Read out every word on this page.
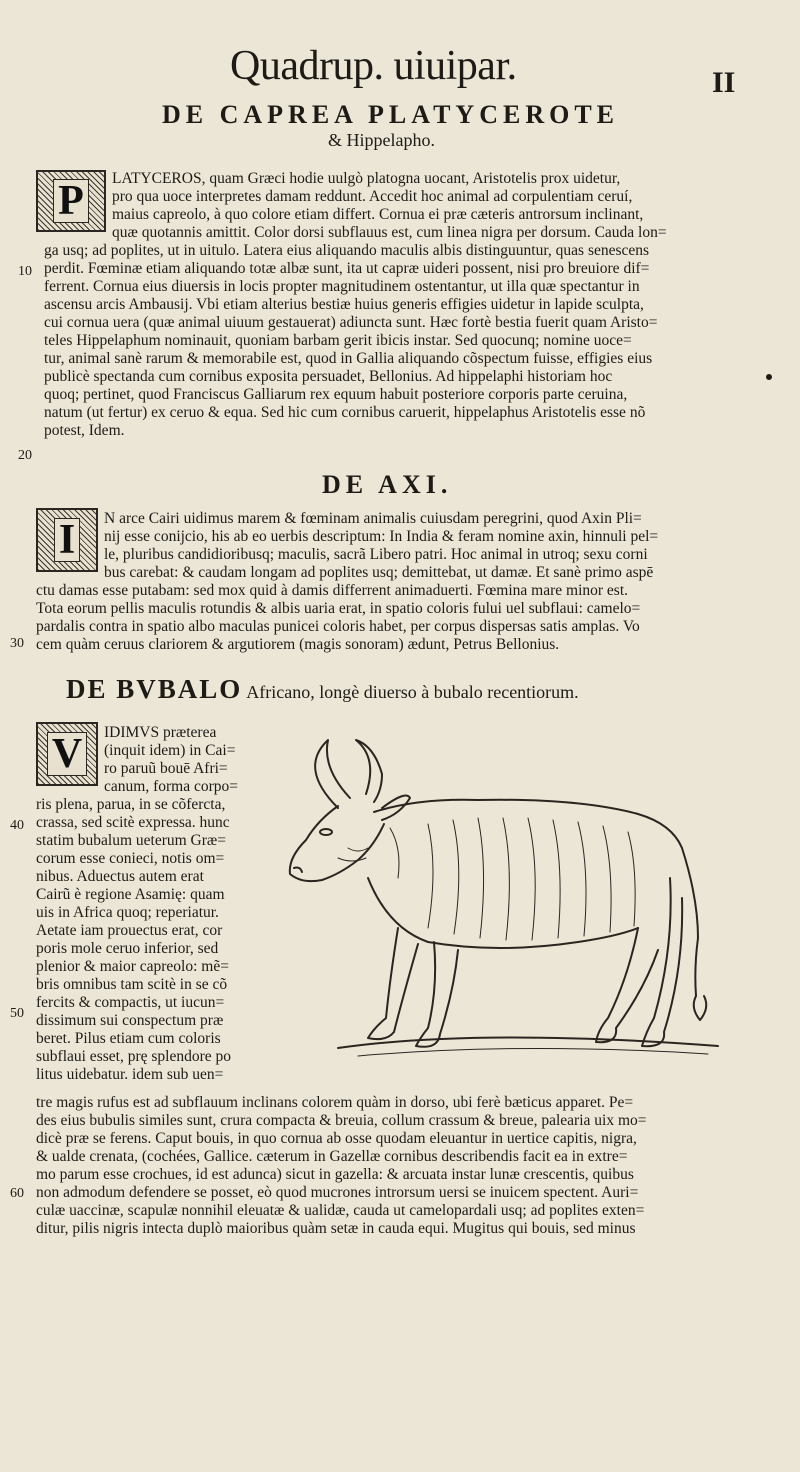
Quadrup. uiuipar.	II
DE CAPREA PLATYCEROTE
& Hippelapho.
P	LATYCEROS, quam Græci hodie uulgò platogna uocant, Aristotelis prox uidetur,
pro qua uoce interpretes damam reddunt. Accedit hoc animal ad corpulentiam ceruí,
maius capreolo, à quo colore etiam differt. Cornua ei præ cæteris antrorsum inclinant,
quæ quotannis amittit. Color dorsi subflauus est, cum linea nigra per dorsum. Cauda lon=
ga usq; ad poplites, ut in uitulo. Latera eius aliquando maculis albis distinguuntur, quas senescens
perdit. Fœminæ etiam aliquando totæ albæ sunt, ita ut capræ uideri possent, nisi pro breuiore dif=
ferrent. Cornua eius diuersis in locis propter magnitudinem ostentantur, ut illa quæ spectantur in
ascensu arcis Ambausij. Vbi etiam alterius bestiæ huius generis effigies uidetur in lapide sculpta,
cui cornua uera (quæ animal uiuum gestauerat) adiuncta sunt. Hæc fortè bestia fuerit quam Aristo=
teles Hippelaphum nominauit, quoniam barbam gerit ibicis instar. Sed quocunq; nomine uoce=
tur, animal sanè rarum & memorabile est, quod in Gallia aliquando cõspectum fuisse, effigies eius
publicè spectanda cum cornibus exposita persuadet, Bellonius. Ad hippelaphi historiam hoc
quoq; pertinet, quod Franciscus Galliarum rex equum habuit posteriore corporis parte ceruina,
natum (ut fertur) ex ceruo & equa. Sed hic cum cornibus caruerit, hippelaphus Aristotelis esse nõ
potest, Idem.
DE AXI.
I	N arce Cairi uidimus marem & fœminam animalis cuiusdam peregrini, quod Axin Pli=
nij esse conijcio, his ab eo uerbis descriptum: In India & feram nomine axin, hinnuli pel=
le, pluribus candidioribusq; maculis, sacrã Libero patri. Hoc animal in utroq; sexu corni
bus carebat: & caudam longam ad poplites usq; demittebat, ut damæ. Et sanè primo aspē
ctu damas esse putabam: sed mox quid à damis differrent animaduerti. Fœmina mare minor est.
Tota eorum pellis maculis rotundis & albis uaria erat, in spatio coloris fului uel subflaui: camelo=
pardalis contra in spatio albo maculas punicei coloris habet, per corpus dispersas satis amplas. Vo
cem quàm ceruus clariorem & argutiorem (magis sonoram) ædunt, Petrus Bellonius.
DE BVBALO Africano, longè diuerso à bubalo recentiorum.
V	IDIMVS præterea
(inquit idem) in Cai=
ro paruũ bouē Afri=
canum, forma corpo=
ris plena, parua, in se cõfercta,
crassa, sed scitè expressa. hunc
statim bubalum ueterum Græ=
corum esse conieci, notis om=
nibus. Aduectus autem erat
Cairũ è regione Asamię: quam
uis in Africa quoq; reperiatur.
Aetate iam prouectus erat, cor
poris mole ceruo inferior, sed
plenior & maior capreolo: mẽ=
bris omnibus tam scitè in se cõ
fercits & compactis, ut iucun=
dissimum sui conspectum præ
beret. Pilus etiam cum coloris
subflaui esset, prę splendore po
litus uidebatur. idem sub uen=
tre magis rufus est ad subflauum inclinans colorem quàm in dorso, ubi ferè bæticus apparet. Pe=
des eius bubulis similes sunt, crura compacta & breuia, collum crassum & breue, palearia uix mo=
dicè præ se ferens. Caput bouis, in quo cornua ab osse quodam eleuantur in uertice capitis, nigra,
& ualde crenata, (cochées, Gallice. cæterum in Gazellæ cornibus describendis facit ea in extre=
mo parum esse crochues, id est adunca) sicut in gazella: & arcuata instar lunæ crescentis, quibus
non admodum defendere se posset, eò quod mucrones introrsum uersi se inuicem spectent. Auri=
culæ uaccinæ, scapulæ nonnihil eleuatæ & ualidæ, cauda ut camelopardali usq; ad poplites exten=
ditur, pilis nigris intecta duplò maioribus quàm setæ in cauda equi. Mugitus qui bouis, sed minus
10
20
30
40
50
60
